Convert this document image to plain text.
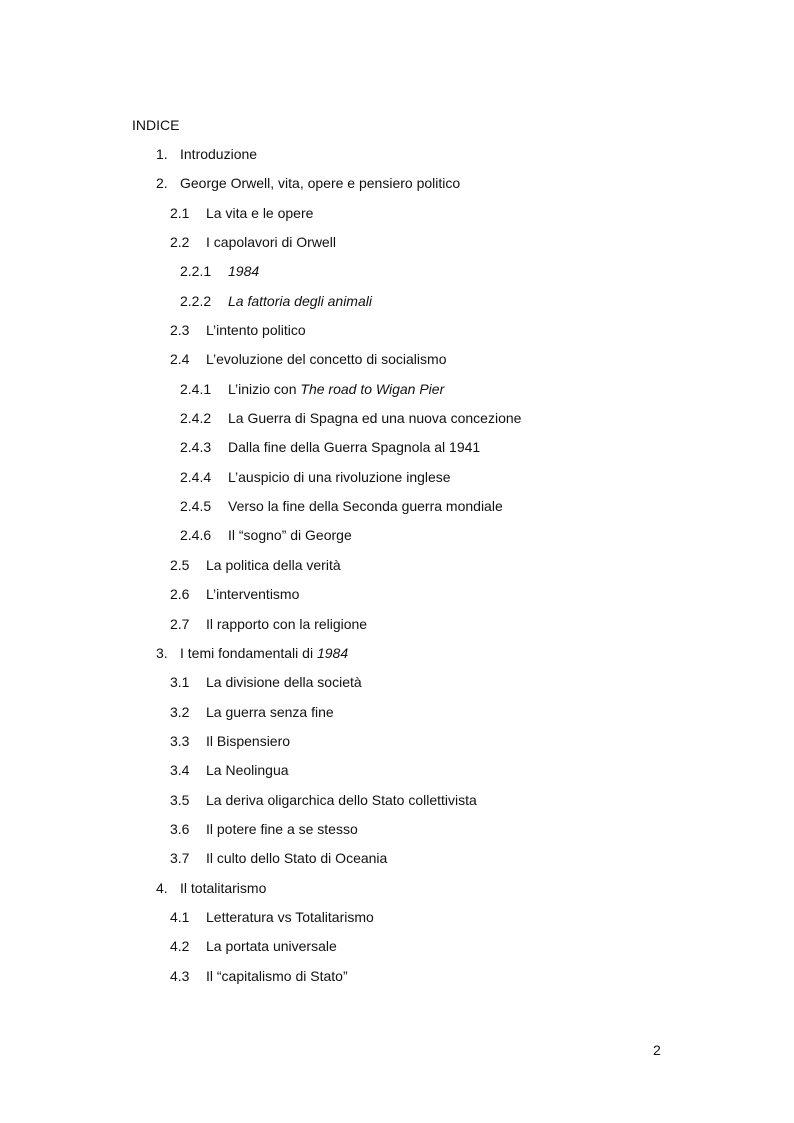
INDICE
1. Introduzione
2. George Orwell, vita, opere e pensiero politico
2.1 La vita e le opere
2.2 I capolavori di Orwell
2.2.1 1984
2.2.2 La fattoria degli animali
2.3 L’intento politico
2.4 L’evoluzione del concetto di socialismo
2.4.1 L’inizio con The road to Wigan Pier
2.4.2 La Guerra di Spagna ed una nuova concezione
2.4.3 Dalla fine della Guerra Spagnola al 1941
2.4.4 L’auspicio di una rivoluzione inglese
2.4.5 Verso la fine della Seconda guerra mondiale
2.4.6 Il “sogno” di George
2.5 La politica della verità
2.6 L’interventismo
2.7 Il rapporto con la religione
3. I temi fondamentali di 1984
3.1 La divisione della società
3.2 La guerra senza fine
3.3 Il Bispensiero
3.4 La Neolingua
3.5 La deriva oligarchica dello Stato collettivista
3.6 Il potere fine a se stesso
3.7 Il culto dello Stato di Oceania
4. Il totalitarismo
4.1 Letteratura vs Totalitarismo
4.2 La portata universale
4.3 Il “capitalismo di Stato”
2
